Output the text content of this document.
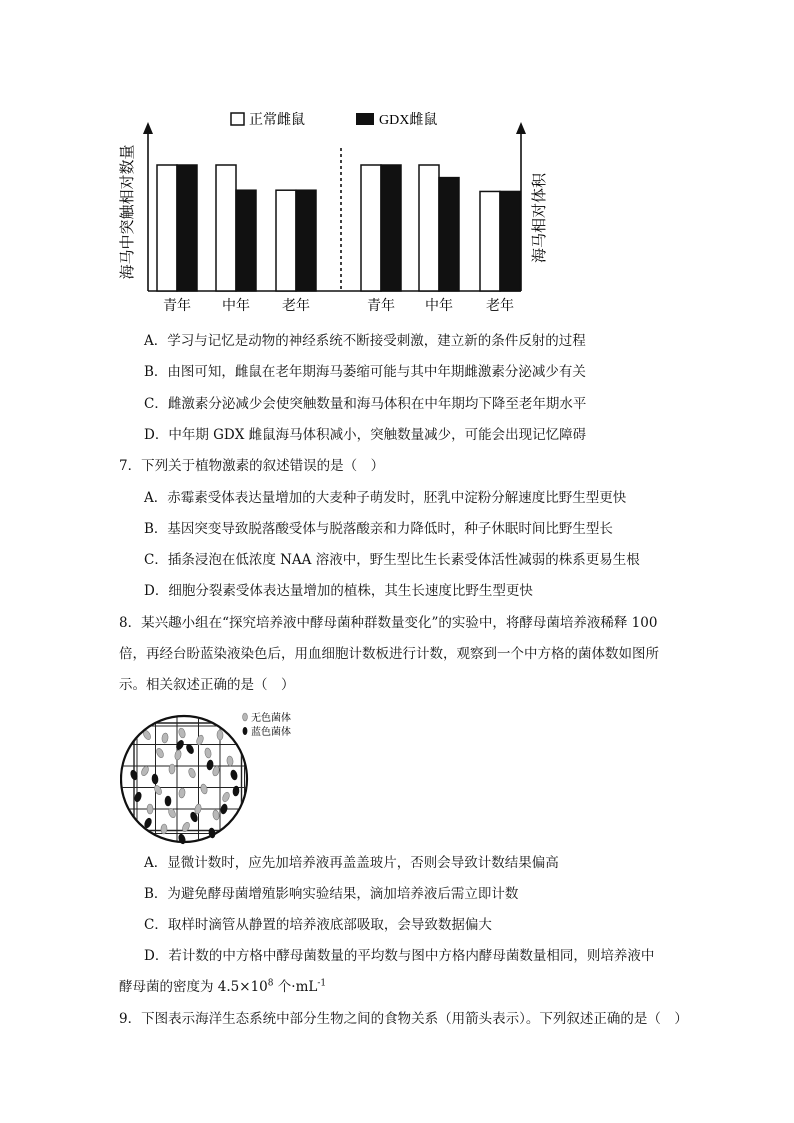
海马中突触相对数量	海马相对体积
正常雌鼠	GDX雌鼠
青年 中年 老年	青年 中年 老年
A．学习与记忆是动物的神经系统不断接受刺激，建立新的条件反射的过程
B．由图可知，雌鼠在老年期海马萎缩可能与其中年期雌激素分泌减少有关
C．雌激素分泌减少会使突触数量和海马体积在中年期均下降至老年期水平
D．中年期 GDX 雌鼠海马体积减小，突触数量减少，可能会出现记忆障碍
7．下列关于植物激素的叙述错误的是（　）
A．赤霉素受体表达量增加的大麦种子萌发时，胚乳中淀粉分解速度比野生型更快
B．基因突变导致脱落酸受体与脱落酸亲和力降低时，种子休眠时间比野生型长
C．插条浸泡在低浓度 NAA 溶液中，野生型比生长素受体活性减弱的株系更易生根
D．细胞分裂素受体表达量增加的植株，其生长速度比野生型更快
8．某兴趣小组在“探究培养液中酵母菌种群数量变化”的实验中，将酵母菌培养液稀释 100
倍，再经台盼蓝染液染色后，用血细胞计数板进行计数，观察到一个中方格的菌体数如图所
示。相关叙述正确的是（　）
无色菌体
蓝色菌体
A．显微计数时，应先加培养液再盖盖玻片，否则会导致计数结果偏高
B．为避免酵母菌增殖影响实验结果，滴加培养液后需立即计数
C．取样时滴管从静置的培养液底部吸取，会导致数据偏大
D．若计数的中方格中酵母菌数量的平均数与图中方格内酵母菌数量相同，则培养液中
酵母菌的密度为 $4.5\times 10^8$ 个$\cdot mL^{-1}$
9．下图表示海洋生态系统中部分生物之间的食物关系（用箭头表示）。下列叙述正确的是（　）
